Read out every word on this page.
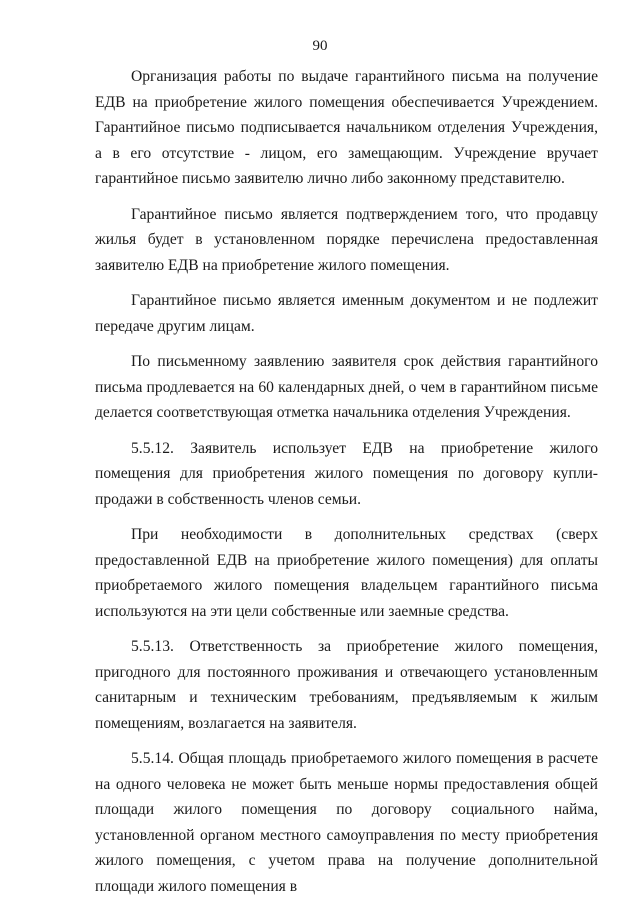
90

Организация работы по выдаче гарантийного письма на получение ЕДВ на приобретение жилого помещения обеспечивается Учреждением. Гарантийное письмо подписывается начальником отделения Учреждения, а в его отсутствие - лицом, его замещающим. Учреждение вручает гарантийное письмо заявителю лично либо законному представителю.

Гарантийное письмо является подтверждением того, что продавцу жилья будет в установленном порядке перечислена предоставленная заявителю ЕДВ на приобретение жилого помещения.

Гарантийное письмо является именным документом и не подлежит передаче другим лицам.

По письменному заявлению заявителя срок действия гарантийного письма продлевается на 60 календарных дней, о чем в гарантийном письме делается соответствующая отметка начальника отделения Учреждения.

5.5.12. Заявитель использует ЕДВ на приобретение жилого помещения для приобретения жилого помещения по договору купли-продажи в собственность членов семьи.

При необходимости в дополнительных средствах (сверх предоставленной ЕДВ на приобретение жилого помещения) для оплаты приобретаемого жилого помещения владельцем гарантийного письма используются на эти цели собственные или заемные средства.

5.5.13. Ответственность за приобретение жилого помещения, пригодного для постоянного проживания и отвечающего установленным санитарным и техническим требованиям, предъявляемым к жилым помещениям, возлагается на заявителя.

5.5.14. Общая площадь приобретаемого жилого помещения в расчете на одного человека не может быть меньше нормы предоставления общей площади жилого помещения по договору социального найма, установленной органом местного самоуправления по месту приобретения жилого помещения, с учетом права на получение дополнительной площади жилого помещения в
